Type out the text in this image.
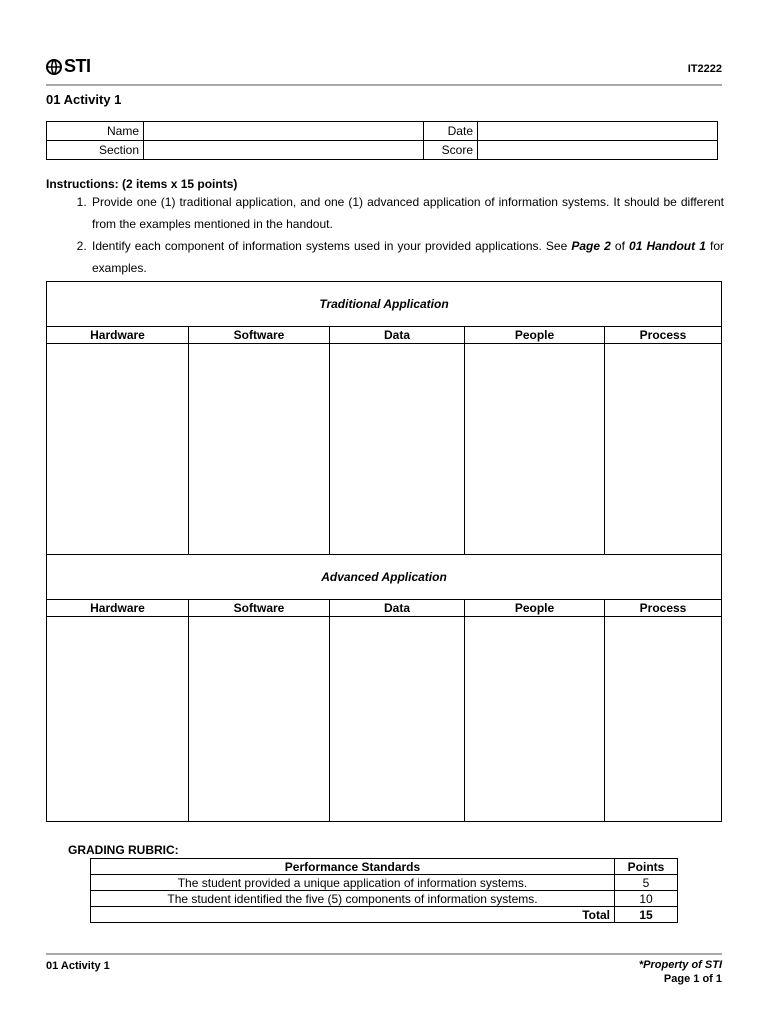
STI	IT2222
01 Activity 1
Name		Date	
Section		Score	
Instructions: (2 items x 15 points)
1. Provide one (1) traditional application, and one (1) advanced application of information systems. It should be different from the examples mentioned in the handout.
2. Identify each component of information systems used in your provided applications. See Page 2 of 01 Handout 1 for examples.
Traditional Application				
Hardware	Software	Data	People	Process

Advanced Application				
Hardware	Software	Data	People	Process

GRADING RUBRIC:
Performance Standards	Points
The student provided a unique application of information systems.	5
The student identified the five (5) components of information systems.	10
Total	15
01 Activity 1	*Property of STI
Page 1 of 1
